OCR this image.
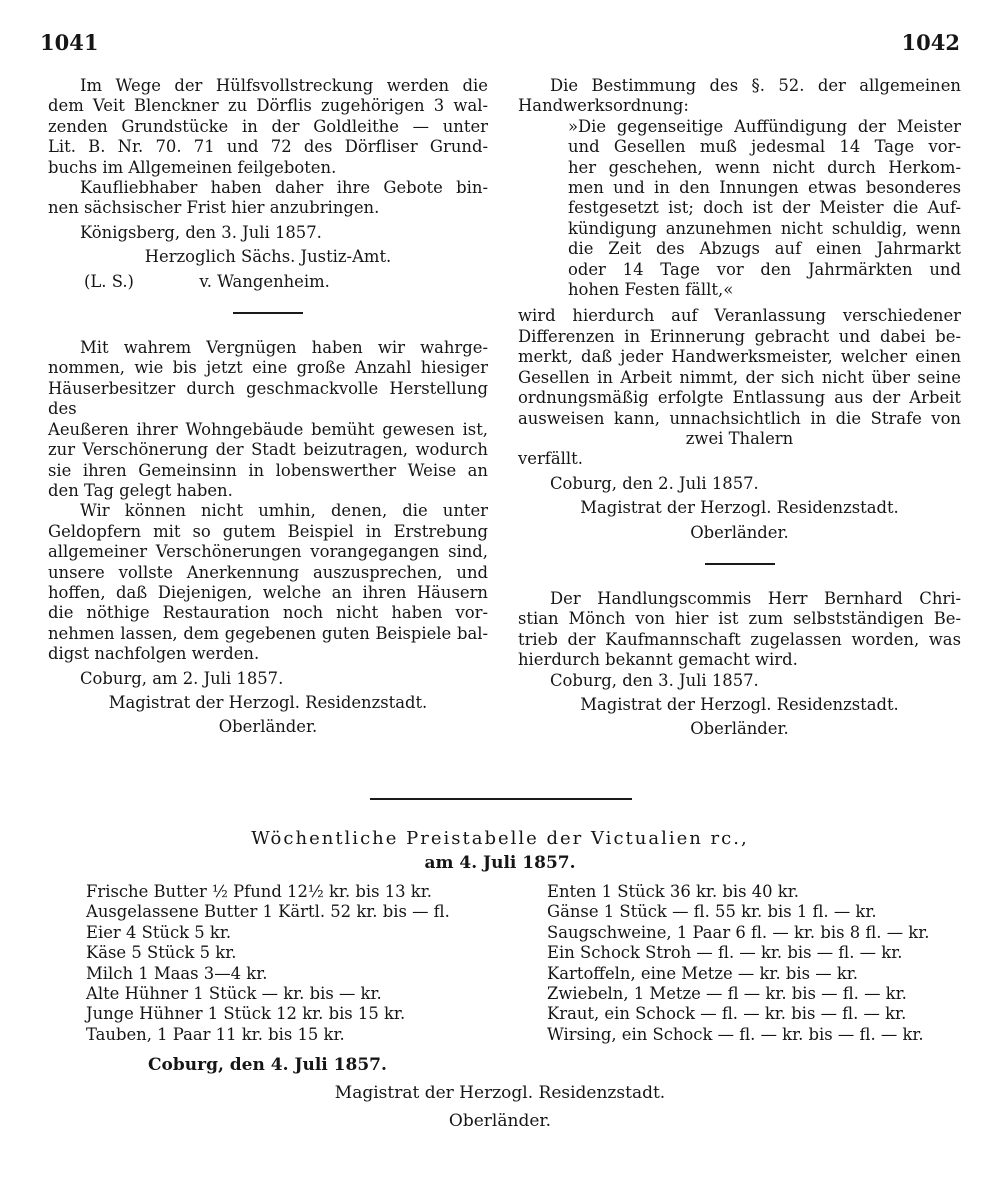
1041	1042
Im Wege der Hülfsvollstreckung werden die
dem Veit Blenckner zu Dörflis zugehörigen 3 wal-
zenden Grundstücke in der Goldleithe — unter
Lit. B. Nr. 70. 71 und 72 des Dörfliser Grund-
buchs im Allgemeinen feilgeboten.
Kaufliebhaber haben daher ihre Gebote bin-
nen sächsischer Frist hier anzubringen.
Königsberg, den 3. Juli 1857.
Herzoglich Sächs. Justiz-Amt.
(L. S.)	v. Wangenheim.
Mit wahrem Vergnügen haben wir wahrge-
nommen, wie bis jetzt eine große Anzahl hiesiger
Häuserbesitzer durch geschmackvolle Herstellung des
Aeußeren ihrer Wohngebäude bemüht gewesen ist,
zur Verschönerung der Stadt beizutragen, wodurch
sie ihren Gemeinsinn in lobenswerther Weise an
den Tag gelegt haben.
Wir können nicht umhin, denen, die unter
Geldopfern mit so gutem Beispiel in Erstrebung
allgemeiner Verschönerungen vorangegangen sind,
unsere vollste Anerkennung auszusprechen, und
hoffen, daß Diejenigen, welche an ihren Häusern
die nöthige Restauration noch nicht haben vor-
nehmen lassen, dem gegebenen guten Beispiele bal-
digst nachfolgen werden.
Coburg, am 2. Juli 1857.
Magistrat der Herzogl. Residenzstadt.
Oberländer.
Die Bestimmung des §. 52. der allgemeinen
Handwerksordnung:
»Die gegenseitige Auffündigung der Meister
und Gesellen muß jedesmal 14 Tage vor-
her geschehen, wenn nicht durch Herkom-
men und in den Innungen etwas besonderes
festgesetzt ist; doch ist der Meister die Auf-
kündigung anzunehmen nicht schuldig, wenn
die Zeit des Abzugs auf einen Jahrmarkt
oder 14 Tage vor den Jahrmärkten und
hohen Festen fällt,«
wird hierdurch auf Veranlassung verschiedener
Differenzen in Erinnerung gebracht und dabei be-
merkt, daß jeder Handwerksmeister, welcher einen
Gesellen in Arbeit nimmt, der sich nicht über seine
ordnungsmäßig erfolgte Entlassung aus der Arbeit
ausweisen kann, unnachsichtlich in die Strafe von
zwei Thalern
verfällt.
Coburg, den 2. Juli 1857.
Magistrat der Herzogl. Residenzstadt.
Oberländer.
Der Handlungscommis Herr Bernhard Chri-
stian Mönch von hier ist zum selbstständigen Be-
trieb der Kaufmannschaft zugelassen worden, was
hierdurch bekannt gemacht wird.
Coburg, den 3. Juli 1857.
Magistrat der Herzogl. Residenzstadt.
Oberländer.
Wöchentliche Preistabelle der Victualien rc.,
am 4. Juli 1857.
Frische Butter ½ Pfund 12½ kr. bis 13 kr.
Ausgelassene Butter 1 Kärtl. 52 kr. bis — fl.
Eier 4 Stück 5 kr.
Käse 5 Stück 5 kr.
Milch 1 Maas 3—4 kr.
Alte Hühner 1 Stück — kr. bis — kr.
Junge Hühner 1 Stück 12 kr. bis 15 kr.
Tauben, 1 Paar 11 kr. bis 15 kr.
Enten 1 Stück 36 kr. bis 40 kr.
Gänse 1 Stück — fl. 55 kr. bis 1 fl. — kr.
Saugschweine, 1 Paar 6 fl. — kr. bis 8 fl. — kr.
Ein Schock Stroh — fl. — kr. bis — fl. — kr.
Kartoffeln, eine Metze — kr. bis — kr.
Zwiebeln, 1 Metze — fl — kr. bis — fl. — kr.
Kraut, ein Schock — fl. — kr. bis — fl. — kr.
Wirsing, ein Schock — fl. — kr. bis — fl. — kr.
Coburg, den 4. Juli 1857.
Magistrat der Herzogl. Residenzstadt.
Oberländer.
